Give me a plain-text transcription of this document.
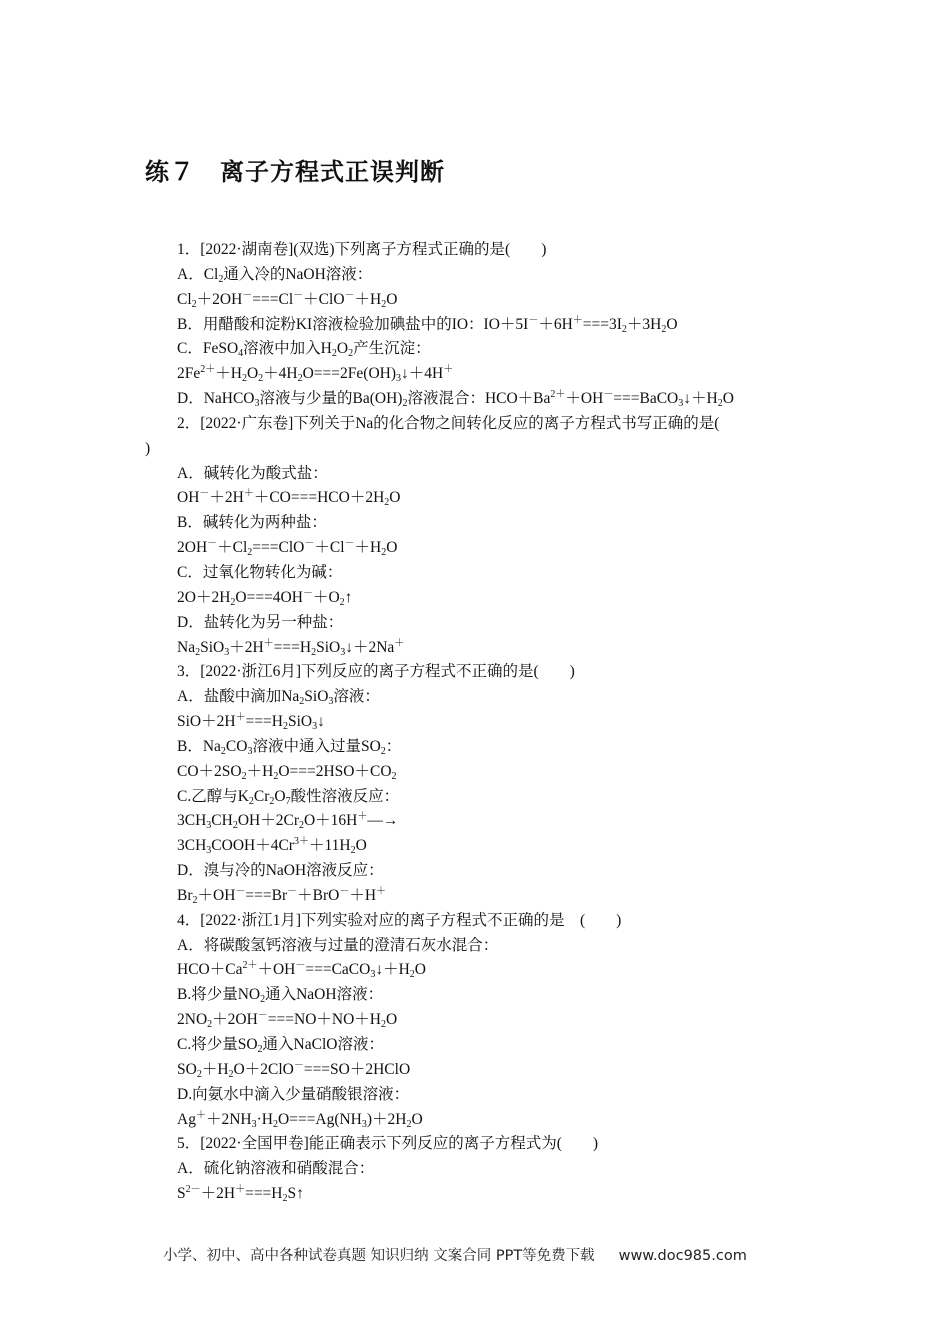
练７　离子方程式正误判断
1．[2022·湖南卷](双选)下列离子方程式正确的是(　　)
A．$Cl_2$通入冷的NaOH溶液：
$Cl_2+2OH^-===Cl^-+ClO^-+H_2O$
B．用醋酸和淀粉KI溶液检验加碘盐中的IO：$IO+5I^-+6H^+===3I_2+3H_2O$
C．FeSO$_4$溶液中加入$H_2O_2$产生沉淀：
$2Fe^{2+}+H_2O_2+4H_2O===2Fe(OH)_3↓+4H^+$
D．NaHCO$_3$溶液与少量的$Ba(OH)_2$溶液混合：$HCO+Ba^{2+}+OH^-===BaCO_3↓+H_2O$
2．[2022·广东卷]下列关于Na的化合物之间转化反应的离子方程式书写正确的是(
)
A．碱转化为酸式盐：
$OH^-+2H^++CO===HCO+2H_2O$
B．碱转化为两种盐：
$2OH^-+Cl_2===ClO^-+Cl^-+H_2O$
C．过氧化物转化为碱：
$2O+2H_2O===4OH^-+O_2↑$
D．盐转化为另一种盐：
$Na_2SiO_3+2H^+===H_2SiO_3↓+2Na^+$
3．[2022·浙江6月]下列反应的离子方程式不正确的是(　　)
A．盐酸中滴加$Na_2SiO_3$溶液：
$SiO+2H^+===H_2SiO_3↓$
B．$Na_2CO_3$溶液中通入过量$SO_2$：
$CO+2SO_2+H_2O===2HSO+CO_2$
C.乙醇与$K_2Cr_2O_7$酸性溶液反应：
$3CH_3CH_2OH+2Cr_2O+16H^+―\to$
$3CH_3COOH+4Cr^{3+}+11H_2O$
D．溴与冷的NaOH溶液反应：
$Br_2+OH^-===Br^-+BrO^-+H^+$
4．[2022·浙江1月]下列实验对应的离子方程式不正确的是　(　　)
A．将碳酸氢钙溶液与过量的澄清石灰水混合：
$HCO+Ca^{2+}+OH^-===CaCO_3↓+H_2O$
B.将少量$NO_2$通入NaOH溶液：
$2NO_2+2OH^-===NO+NO+H_2O$
C.将少量$SO_2$通入NaClO溶液：
$SO_2+H_2O+2ClO^-===SO+2HClO$
D.向氨水中滴入少量硝酸银溶液：
$Ag^++2NH_3\cdot H_2O===Ag(NH_3)+2H_2O$
5．[2022·全国甲卷]能正确表示下列反应的离子方程式为(　　)
A．硫化钠溶液和硝酸混合：
$S^{2-}+2H^+===H_2S↑$
小学、初中、高中各种试卷真题 知识归纳 文案合同 PPT等免费下载 www.doc985.com
